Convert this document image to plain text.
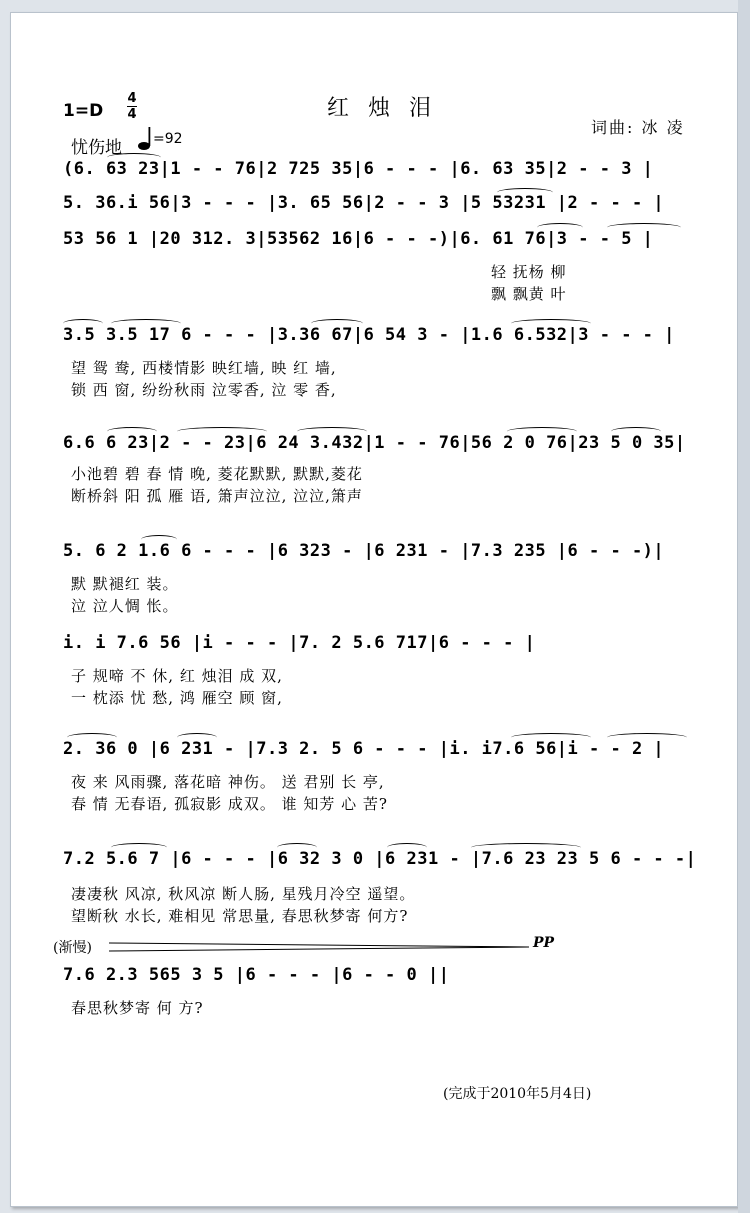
1=D
4
4
忧伤地 =92
红 烛 泪
词曲: 冰 凌
(6. 63 23|1 - - 76|2 725 35|6 - - - |6. 63 35|2 - - 3 |
5. 36.i 56|3 - - - |3. 65 56|2 - - 3 |5 53231 |2 - - - |
53 56 1 |20 312. 3|53562 16|6 - - -)|6. 61 76|3 - - 5 |
轻 抚杨 柳
飘 飘黄 叶
3.5 3.5 17 6 - - - |3.36 67|6 54 3 - |1.6 6.532|3 - - - |
望 鸳 鸯, 西楼情影 映红墙, 映 红 墙,
锁 西 窗, 纷纷秋雨 泣零香, 泣 零 香,
6.6 6 23|2 - - 23|6 24 3.432|1 - - 76|56 2 0 76|23 5 0 35|
小池碧 碧 春 情 晚, 菱花默默, 默默,菱花
断桥斜 阳 孤 雁 语, 箫声泣泣, 泣泣,箫声
5. 6 2 1.6 6 - - - |6 323 - |6 231 - |7.3 235 |6 - - -)|
默 默褪红 装。
泣 泣人惆 怅。
i. i 7.6 56 |i - - - |7. 2 5.6 717|6 - - - |
子 规啼 不 休, 红 烛泪 成 双,
一 枕添 忧 愁, 鸿 雁空 顾 窗,
2. 36 0 |6 231 - |7.3 2. 5 6 - - - |i. i7.6 56|i - - 2 |
夜 来 风雨骤, 落花暗 神伤。 送 君别 长 亭,
春 情 无春语, 孤寂影 成双。 谁 知芳 心 苦?
7.2 5.6 7 |6 - - - |6 32 3 0 |6 231 - |7.6 23 23 5 6 - - -|
凄凄秋 风凉, 秋风凉 断人肠, 星残月冷空 遥望。
望断秋 水长, 难相见 常思量, 春思秋梦寄 何方?
(渐慢)	PP
7.6 2.3 565 3 5 |6 - - - |6 - - 0 ||
春思秋梦寄 何 方?
(完成于2010年5月4日)
